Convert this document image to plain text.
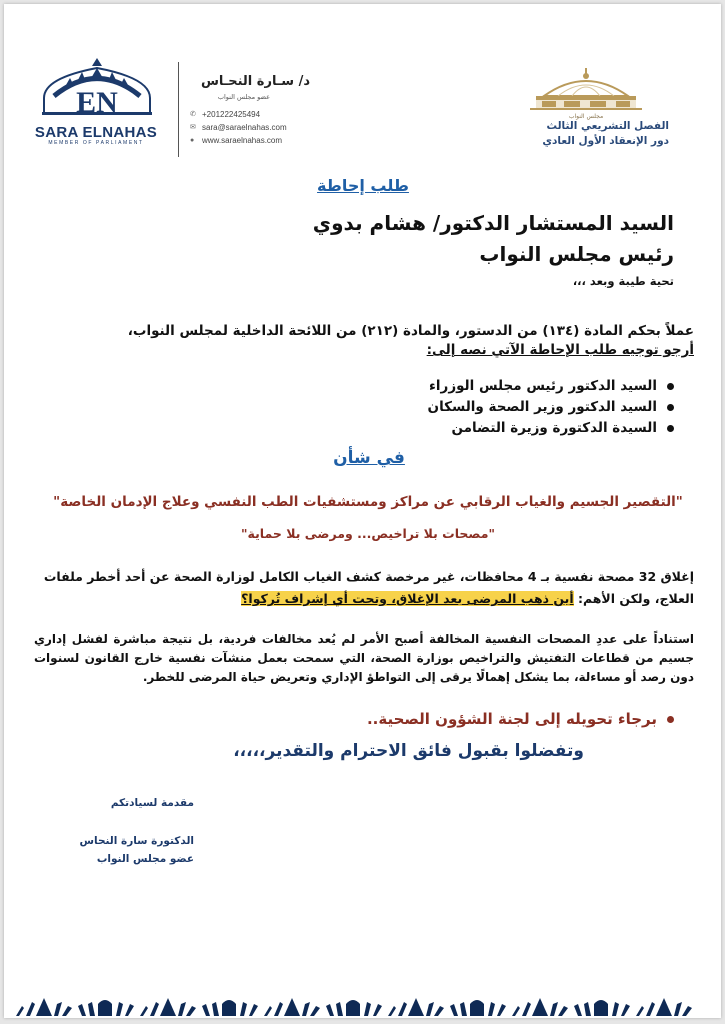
EN
SARA ELNAHAS
MEMBER OF PARLIAMENT
د/ سـارة النحـاس
عضو مجلس النواب
✆ +201222425494
✉ sara@saraelnahas.com
● www.saraelnahas.com
مجلس النواب
الفصل التشريعي الثالث
دور الإنعقاد الأول العادي
طلب إحاطة
السيد المستشار الدكتور/ هشام بدوي
رئيس مجلس النواب
تحية طيبة وبعد ،،،
عملاً بحكم المادة (١٣٤) من الدستور، والمادة (٢١٢) من اللائحة الداخلية لمجلس النواب،
أرجو توجيه طلب الإحاطة الآتي نصه إلى:
السيد الدكتور رئيس مجلس الوزراء
السيد الدكتور وزير الصحة والسكان
السيدة الدكتورة وزيرة التضامن
في شأن
"التقصير الجسيم والغياب الرقابي عن مراكز ومستشفيات الطب النفسي وعلاج الإدمان الخاصة"
"مصحات بلا تراخيص... ومرضى بلا حماية"
إغلاق 32 مصحة نفسية بـ 4 محافظات، غير مرخصة كشف الغياب الكامل لوزارة الصحة عن أحد أخطر ملفات العلاج، ولكن الأهم: أين ذهب المرضى بعد الإغلاق، وتحت أي إشراف تُركوا؟
استناداً على عددِ المصحات النفسية المخالفة أصبح الأمر لم يُعد مخالفات فردية، بل نتيجة مباشرة لفشل إداري جسيم من قطاعات التفتيش والتراخيص بوزارة الصحة، التي سمحت بعمل منشآت نفسية خارج القانون لسنوات دون رصد أو مساءلة، بما يشكل إهمالًا يرقى إلى التواطؤ الإداري وتعريض حياة المرضى للخطر.
برجاء تحويله إلى لجنة الشؤون الصحية..
وتفضلوا بقبول فائق الاحترام والتقدير،،،،،
مقدمة لسيادتكم
الدكتورة سارة النحاس
عضو مجلس النواب
